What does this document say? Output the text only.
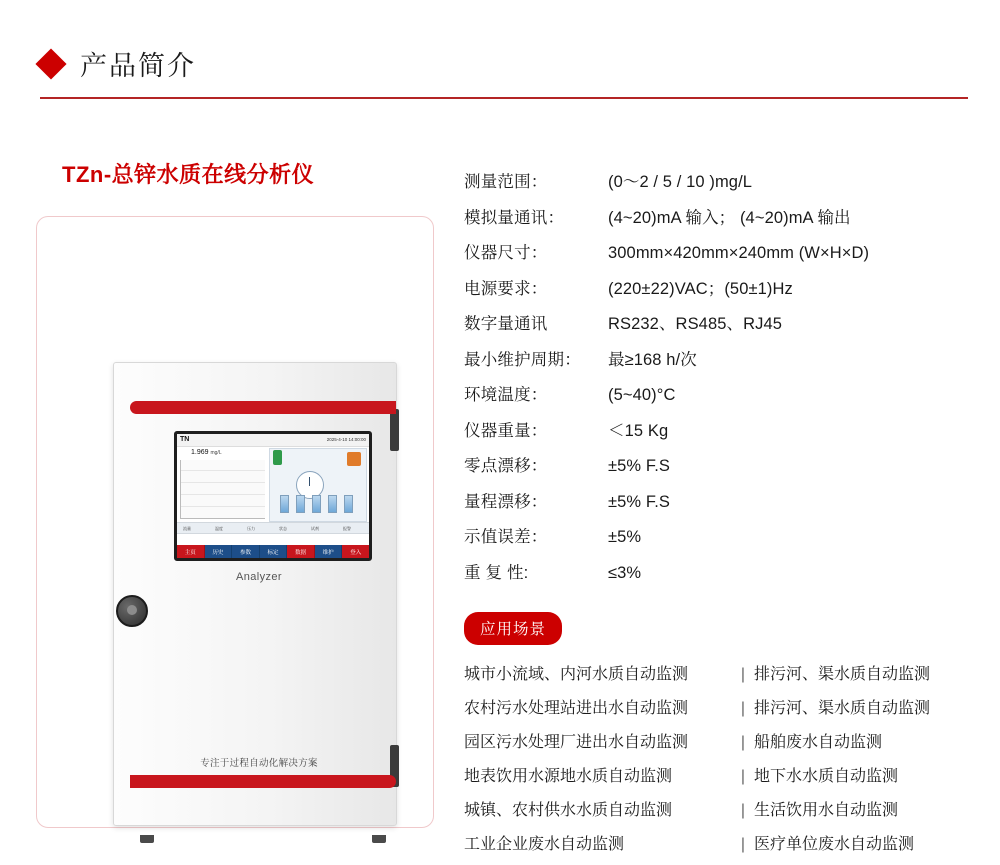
产品简介
TZn-总锌水质在线分析仪
Analyzer
专注于过程自动化解决方案
TN	2025-4-10 14:00:00
1.969 mg/L
流量	温度	压力	状态	试剂	报警
主页	历史	参数	标定	数据	维护	登入
测量范围：	(0～2 / 5 / 10 )mg/L
模拟量通讯：	(4~20)mA 输入； (4~20)mA 输出
仪器尺寸：	300mm×420mm×240mm (W×H×D)
电源要求：	(220±22)VAC；(50±1)Hz
数字量通讯	RS232、RS485、RJ45
最小维护周期：	最≥168 h/次
环境温度：	(5~40)°C
仪器重量：	＜15 Kg
零点漂移：	±5% F.S
量程漂移：	±5% F.S
示值误差：	±5%
重 复 性:	≤3%
应用场景
城市小流域、内河水质自动监测	| 排污河、渠水质自动监测
农村污水处理站进出水自动监测	| 排污河、渠水质自动监测
园区污水处理厂进出水自动监测	| 船舶废水自动监测
地表饮用水源地水质自动监测	| 地下水水质自动监测
城镇、农村供水水质自动监测	| 生活饮用水自动监测
工业企业废水自动监测	| 医疗单位废水自动监测
